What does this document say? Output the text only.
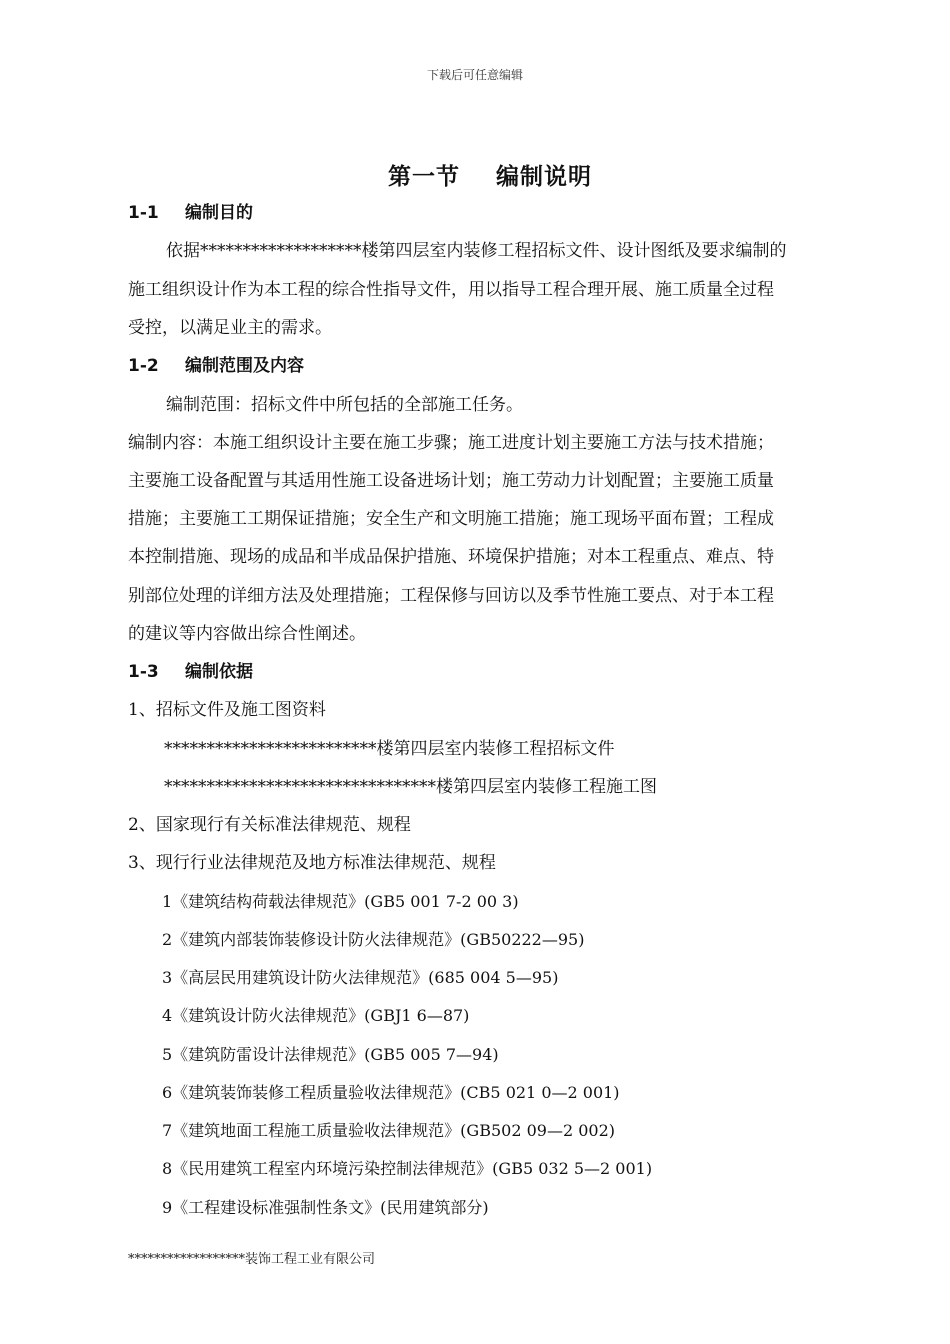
下载后可任意编辑
第一节 编制说明
1-1 编制目的
依据*******************楼第四层室内装修工程招标文件、设计图纸及要求编制的
施工组织设计作为本工程的综合性指导文件，用以指导工程合理开展、施工质量全过程
受控，以满足业主的需求。
1-2 编制范围及内容
编制范围：招标文件中所包括的全部施工任务。
编制内容：本施工组织设计主要在施工步骤；施工进度计划主要施工方法与技术措施；
主要施工设备配置与其适用性施工设备进场计划；施工劳动力计划配置；主要施工质量
措施；主要施工工期保证措施；安全生产和文明施工措施；施工现场平面布置；工程成
本控制措施、现场的成品和半成品保护措施、环境保护措施；对本工程重点、难点、特
别部位处理的详细方法及处理措施；工程保修与回访以及季节性施工要点、对于本工程
的建议等内容做出综合性阐述。
1-3 编制依据
1、招标文件及施工图资料
*************************楼第四层室内装修工程招标文件
********************************楼第四层室内装修工程施工图
2、国家现行有关标准法律规范、规程
3、现行行业法律规范及地方标准法律规范、规程
1《建筑结构荷载法律规范》(GB5 001 7-2 00 3)
2《建筑内部装饰装修设计防火法律规范》(GB50222—95)
3《高层民用建筑设计防火法律规范》(685 004 5—95)
4《建筑设计防火法律规范》(GBJ1 6—87)
5《建筑防雷设计法律规范》(GB5 005 7—94)
6《建筑装饰装修工程质量验收法律规范》(CB5 021 0—2 001)
7《建筑地面工程施工质量验收法律规范》(GB502 09—2 002)
8《民用建筑工程室内环境污染控制法律规范》(GB5 032 5—2 001)
9《工程建设标准强制性条文》(民用建筑部分)
******************装饰工程工业有限公司
